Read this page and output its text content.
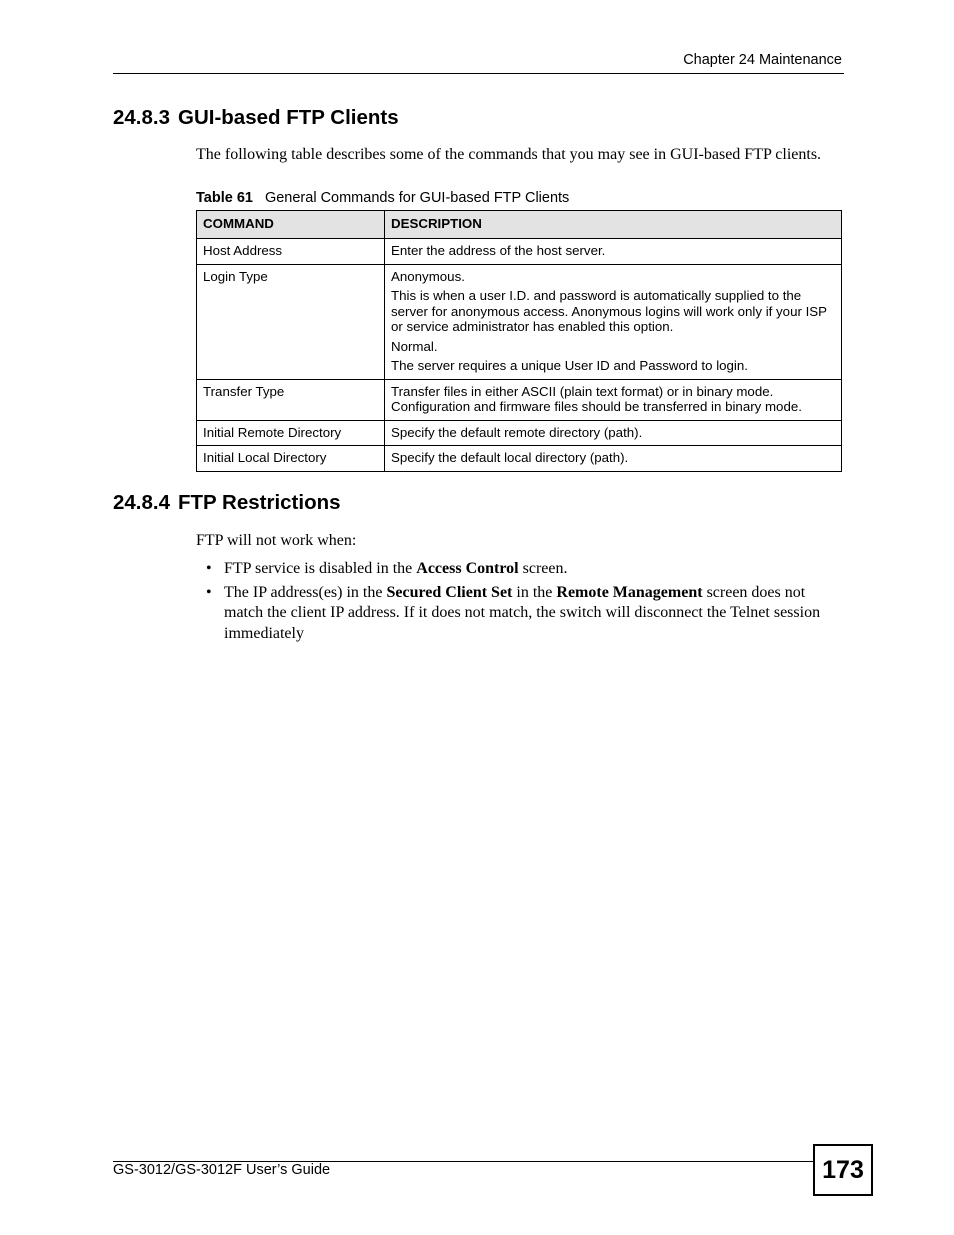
Chapter 24 Maintenance
24.8.3 GUI-based FTP Clients
The following table describes some of the commands that you may see in GUI-based FTP clients.
Table 61 General Commands for GUI-based FTP Clients
COMMAND	DESCRIPTION
Host Address	Enter the address of the host server.

Login Type	Anonymous.

This is when a user I.D. and password is automatically supplied to the server for anonymous access. Anonymous logins will work only if your ISP or service administrator has enabled this option.

Normal.

The server requires a unique User ID and Password to login.

Transfer Type	Transfer files in either ASCII (plain text format) or in binary mode. Configuration and firmware files should be transferred in binary mode.

Initial Remote Directory	Specify the default remote directory (path).

Initial Local Directory	Specify the default local directory (path).

24.8.4 FTP Restrictions
FTP will not work when:
• FTP service is disabled in the Access Control screen.
• The IP address(es) in the Secured Client Set in the Remote Management screen does not match the client IP address. If it does not match, the switch will disconnect the Telnet session immediately
GS-3012/GS-3012F User’s Guide	173
